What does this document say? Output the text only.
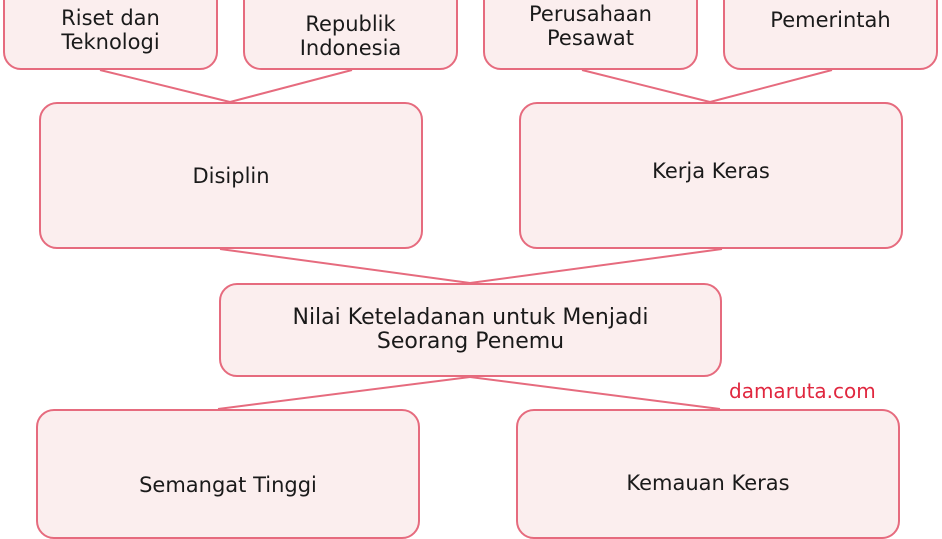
Riset dan
Teknologi
Republik
Indonesia
Perusahaan
Pesawat
Pemerintah
Disiplin	Kerja Keras
Nilai Keteladanan untuk Menjadi
Seorang Penemu
damaruta.com
Semangat Tinggi	Kemauan Keras
